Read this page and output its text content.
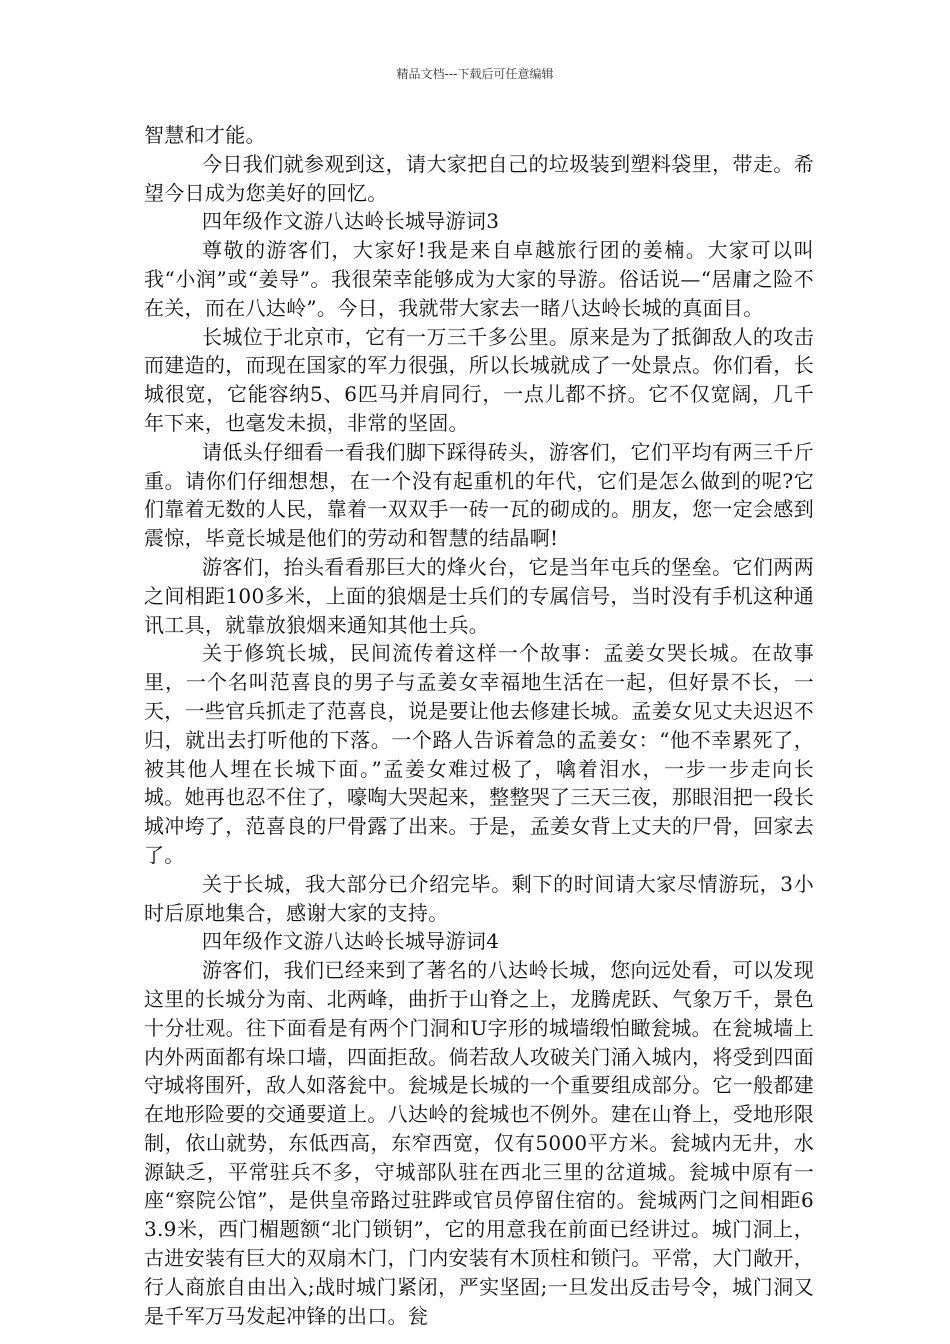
精品文档---下载后可任意编辑

智慧和才能。

今日我们就参观到这，请大家把自己的垃圾装到塑料袋里，带走。希望今日成为您美好的回忆。

四年级作文游八达岭长城导游词3

尊敬的游客们，大家好!我是来自卓越旅行团的姜楠。大家可以叫我“小润”或“姜导”。我很荣幸能够成为大家的导游。俗话说—“居庸之险不在关，而在八达岭”。今日，我就带大家去一睹八达岭长城的真面目。

长城位于北京市，它有一万三千多公里。原来是为了抵御敌人的攻击而建造的，而现在国家的军力很强，所以长城就成了一处景点。你们看，长城很宽，它能容纳5、6匹马并肩同行，一点儿都不挤。它不仅宽阔，几千年下来，也毫发未损，非常的坚固。

请低头仔细看一看我们脚下踩得砖头，游客们，它们平均有两三千斤重。请你们仔细想想，在一个没有起重机的年代，它们是怎么做到的呢?它们靠着无数的人民，靠着一双双手一砖一瓦的砌成的。朋友，您一定会感到震惊，毕竟长城是他们的劳动和智慧的结晶啊!

游客们，抬头看看那巨大的烽火台，它是当年屯兵的堡垒。它们两两之间相距100多米，上面的狼烟是士兵们的专属信号，当时没有手机这种通讯工具，就靠放狼烟来通知其他士兵。

关于修筑长城，民间流传着这样一个故事：孟姜女哭长城。在故事里，一个名叫范喜良的男子与孟姜女幸福地生活在一起，但好景不长，一天，一些官兵抓走了范喜良，说是要让他去修建长城。孟姜女见丈夫迟迟不归，就出去打听他的下落。一个路人告诉着急的孟姜女：“他不幸累死了，被其他人埋在长城下面。”孟姜女难过极了，噙着泪水，一步一步走向长城。她再也忍不住了，嚎啕大哭起来，整整哭了三天三夜，那眼泪把一段长城冲垮了，范喜良的尸骨露了出来。于是，孟姜女背上丈夫的尸骨，回家去了。

关于长城，我大部分已介绍完毕。剩下的时间请大家尽情游玩，3小时后原地集合，感谢大家的支持。

四年级作文游八达岭长城导游词4

游客们，我们已经来到了著名的八达岭长城，您向远处看，可以发现这里的长城分为南、北两峰，曲折于山脊之上，龙腾虎跃、气象万千，景色十分壮观。往下面看是有两个门洞和U字形的城墙缎怕瞰瓮城。在瓮城墙上内外两面都有垛口墙，四面拒敌。倘若敌人攻破关门涌入城内，将受到四面守城将围歼，敌人如落瓮中。瓮城是长城的一个重要组成部分。它一般都建在地形险要的交通要道上。八达岭的瓮城也不例外。建在山脊上，受地形限制，依山就势，东低西高，东窄西宽，仅有5000平方米。瓮城内无井，水源缺乏，平常驻兵不多，守城部队驻在西北三里的岔道城。瓮城中原有一座“察院公馆”，是供皇帝路过驻跸或官员停留住宿的。瓮城两门之间相距63.9米，西门楣题额“北门锁钥”，它的用意我在前面已经讲过。城门洞上，古进安装有巨大的双扇木门，门内安装有木顶柱和锁闩。平常，大门敞开，行人商旅自由出入;战时城门紧闭，严实坚固;一旦发出反击号令，城门洞又是千军万马发起冲锋的出口。瓮
